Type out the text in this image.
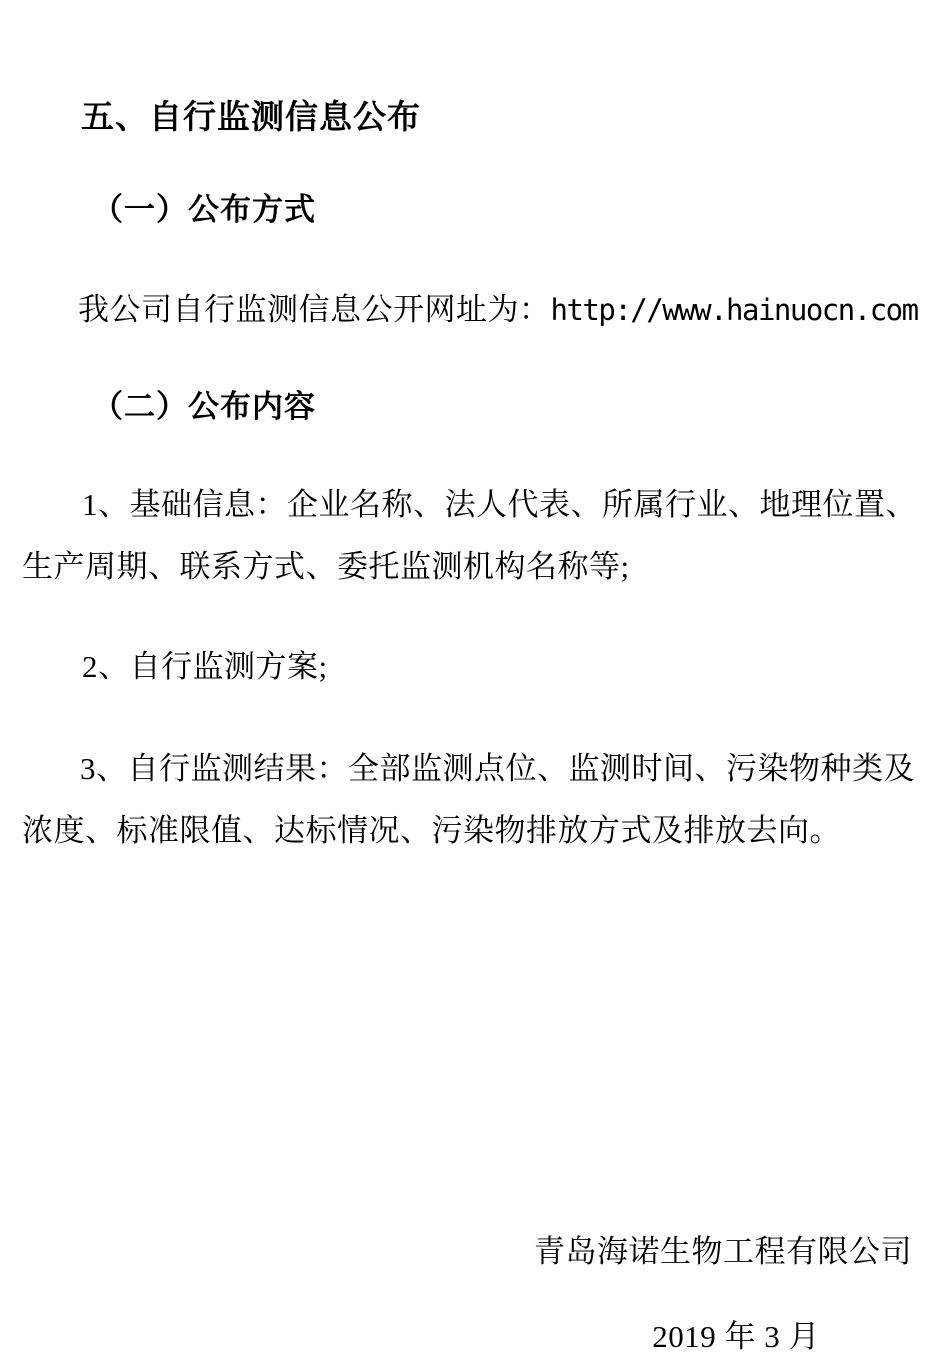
五、自行监测信息公布
（一）公布方式
我公司自行监测信息公开网址为：http://www.hainuocn.com
（二）公布内容
1、基础信息：企业名称、法人代表、所属行业、地理位置、
生产周期、联系方式、委托监测机构名称等;
2、自行监测方案;
3、自行监测结果：全部监测点位、监测时间、污染物种类及
浓度、标准限值、达标情况、污染物排放方式及排放去向。
青岛海诺生物工程有限公司
2019 年 3 月
